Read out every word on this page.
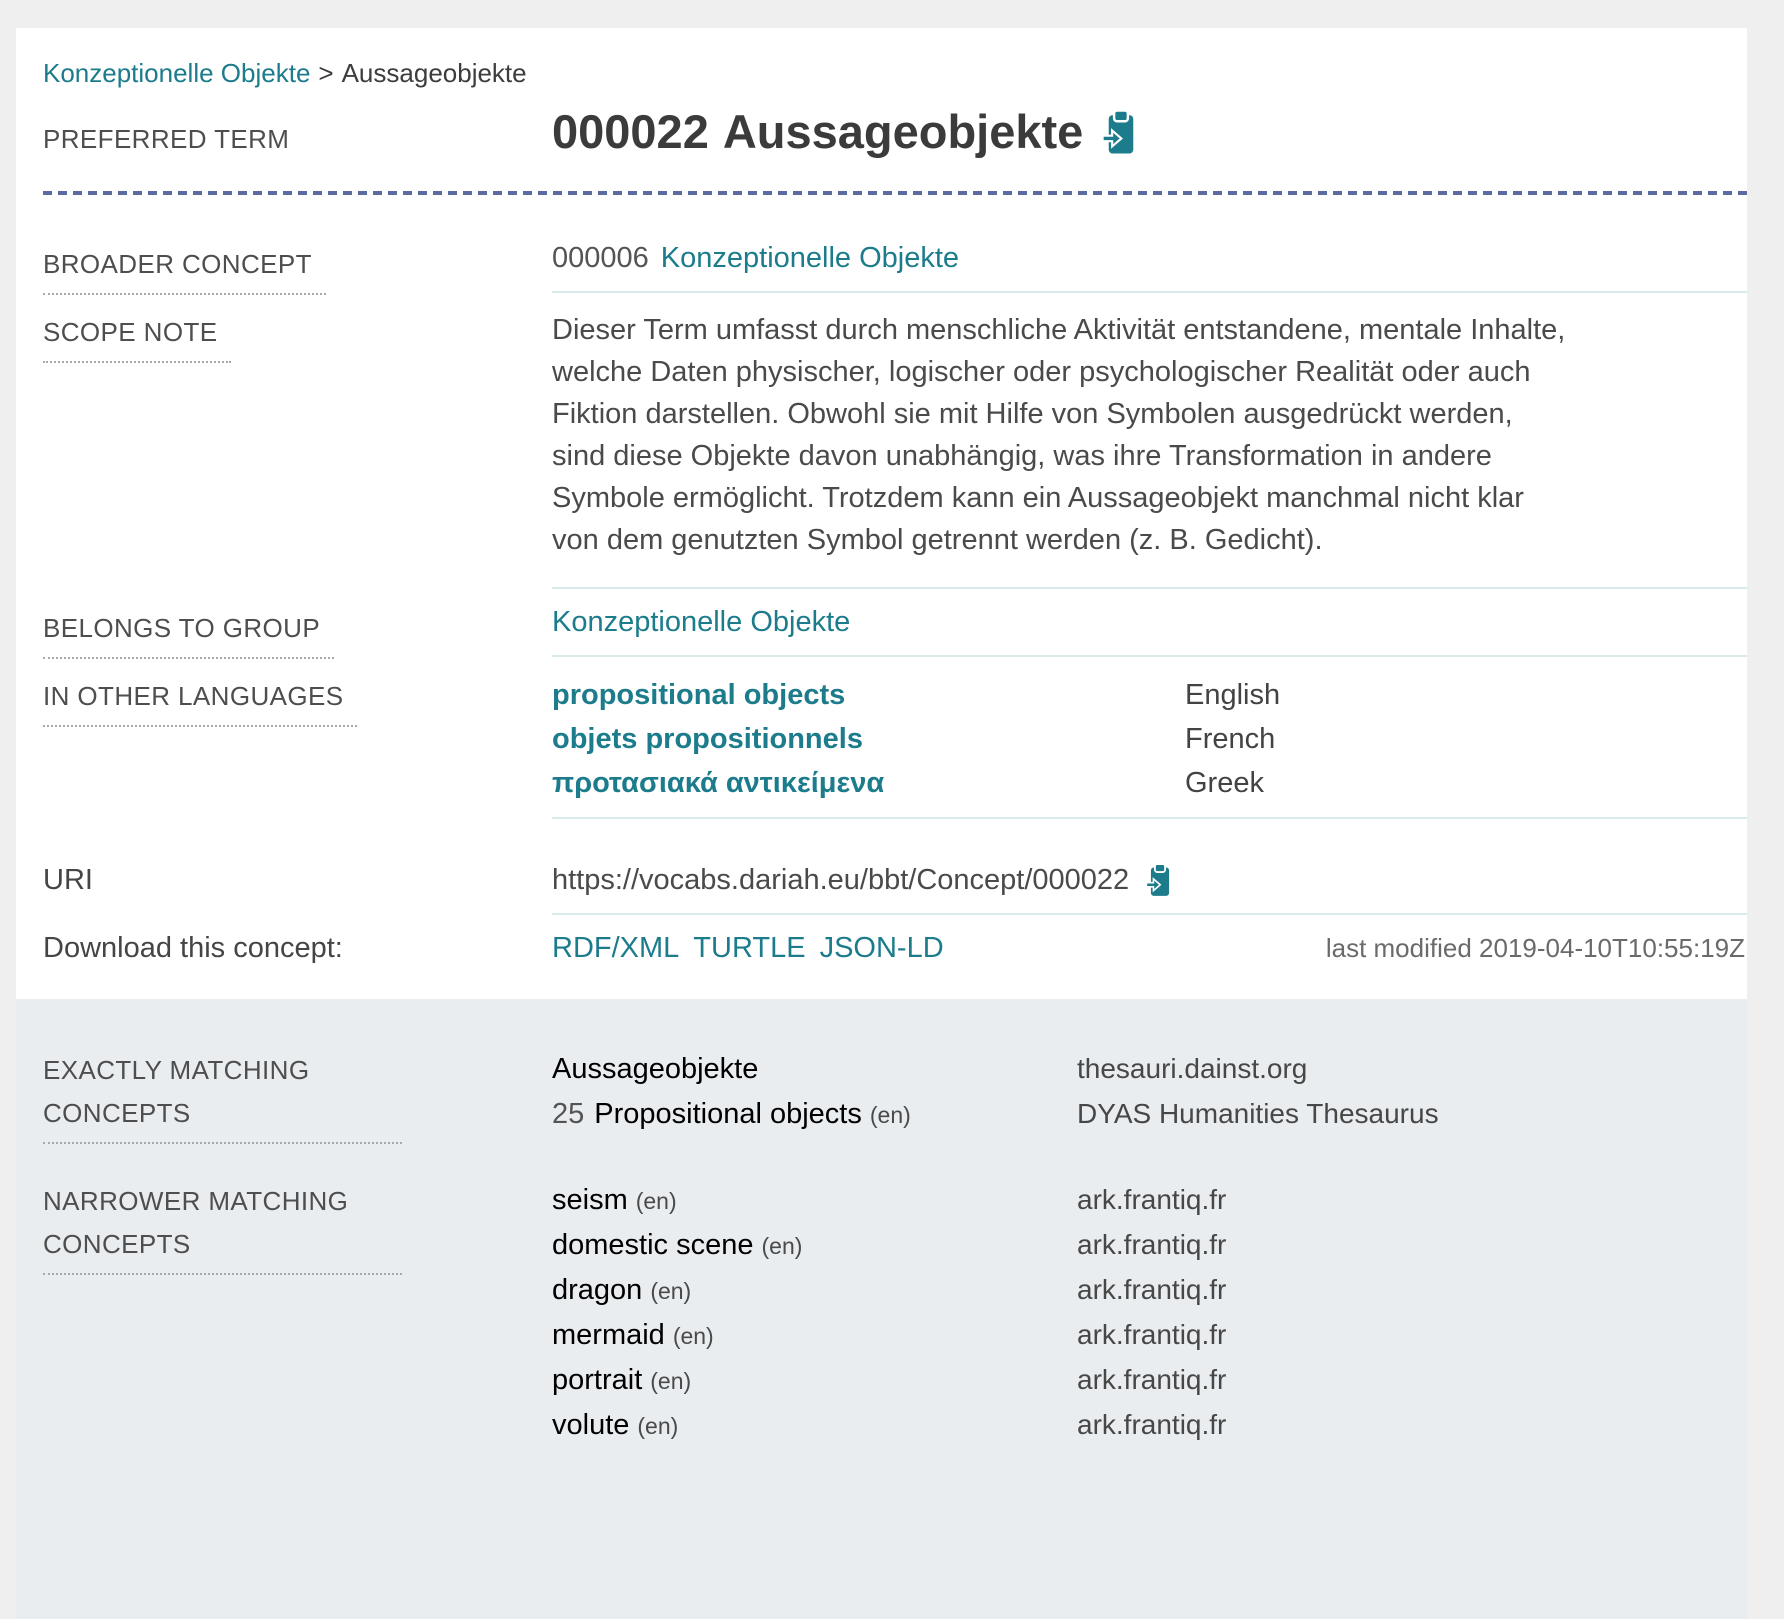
Konzeptionelle Objekte > Aussageobjekte
PREFERRED TERM	000022 Aussageobjekte
BROADER CONCEPT	000006 Konzeptionelle Objekte
SCOPE NOTE	Dieser Term umfasst durch menschliche Aktivität entstandene, mentale Inhalte, welche Daten physischer, logischer oder psychologischer Realität oder auch Fiktion darstellen. Obwohl sie mit Hilfe von Symbolen ausgedrückt werden, sind diese Objekte davon unabhängig, was ihre Transformation in andere Symbole ermöglicht. Trotzdem kann ein Aussageobjekt manchmal nicht klar von dem genutzten Symbol getrennt werden (z. B. Gedicht).
BELONGS TO GROUP	Konzeptionelle Objekte
IN OTHER LANGUAGES	propositional objects	English
objets propositionnels	French
προτασιακά αντικείμενα	Greek
URI	https://vocabs.dariah.eu/bbt/Concept/000022
Download this concept:	RDF/XML TURTLE JSON-LD	last modified 2019-04-10T10:55:19Z
EXACTLY MATCHING CONCEPTS
Aussageobjekte	thesauri.dainst.org
25 Propositional objects (en)	DYAS Humanities Thesaurus
NARROWER MATCHING CONCEPTS
seism (en)	ark.frantiq.fr
domestic scene (en)	ark.frantiq.fr
dragon (en)	ark.frantiq.fr
mermaid (en)	ark.frantiq.fr
portrait (en)	ark.frantiq.fr
volute (en)	ark.frantiq.fr
